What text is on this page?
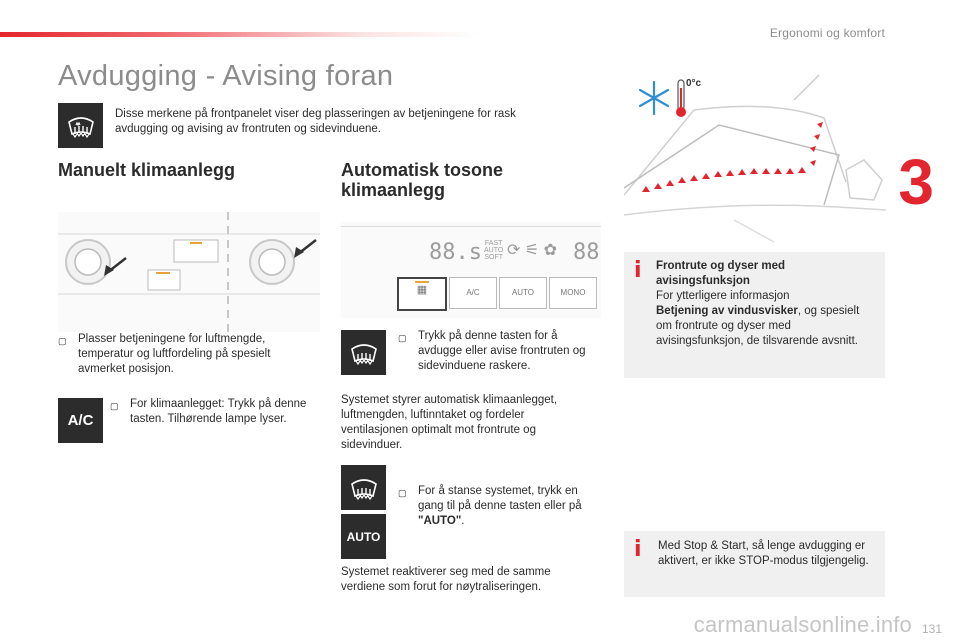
Ergonomi og komfort
3
Avdugging - Avising foran
Disse merkene på frontpanelet viser deg plasseringen av betjeningene for rask avdugging og avising av frontruten og sidevinduene.
Manuelt klimaanlegg
▢ Plasser betjeningene for luftmengde, temperatur og luftfordeling på spesielt avmerket posisjon.
A/C
▢ For klimaanlegget: Trykk på denne tasten. Tilhørende lampe lyser.
Automatisk tosone
klimaanlegg
88.s FAST
AUTO
SOFT ⟳ ⚟ ✿ 88
▦	A/C	AUTO	MONO
▢ Trykk på denne tasten for å avdugge eller avise frontruten og sidevinduene raskere.
Systemet styrer automatisk klimaanlegget, luftmengden, luftinntaket og fordeler ventilasjonen optimalt mot frontrute og sidevinduer.
AUTO
▢ For å stanse systemet, trykk en gang til på denne tasten eller på "AUTO".
Systemet reaktiverer seg med de samme verdiene som forut for nøytraliseringen.
0°c
i Frontrute og dyser med avisingsfunksjon
For ytterligere informasjon
Betjening av vindusvisker, og spesielt om frontrute og dyser med avisingsfunksjon, de tilsvarende avsnitt.
i Med Stop & Start, så lenge avdugging er aktivert, er ikke STOP-modus tilgjengelig.
carmanualsonline.info 131
